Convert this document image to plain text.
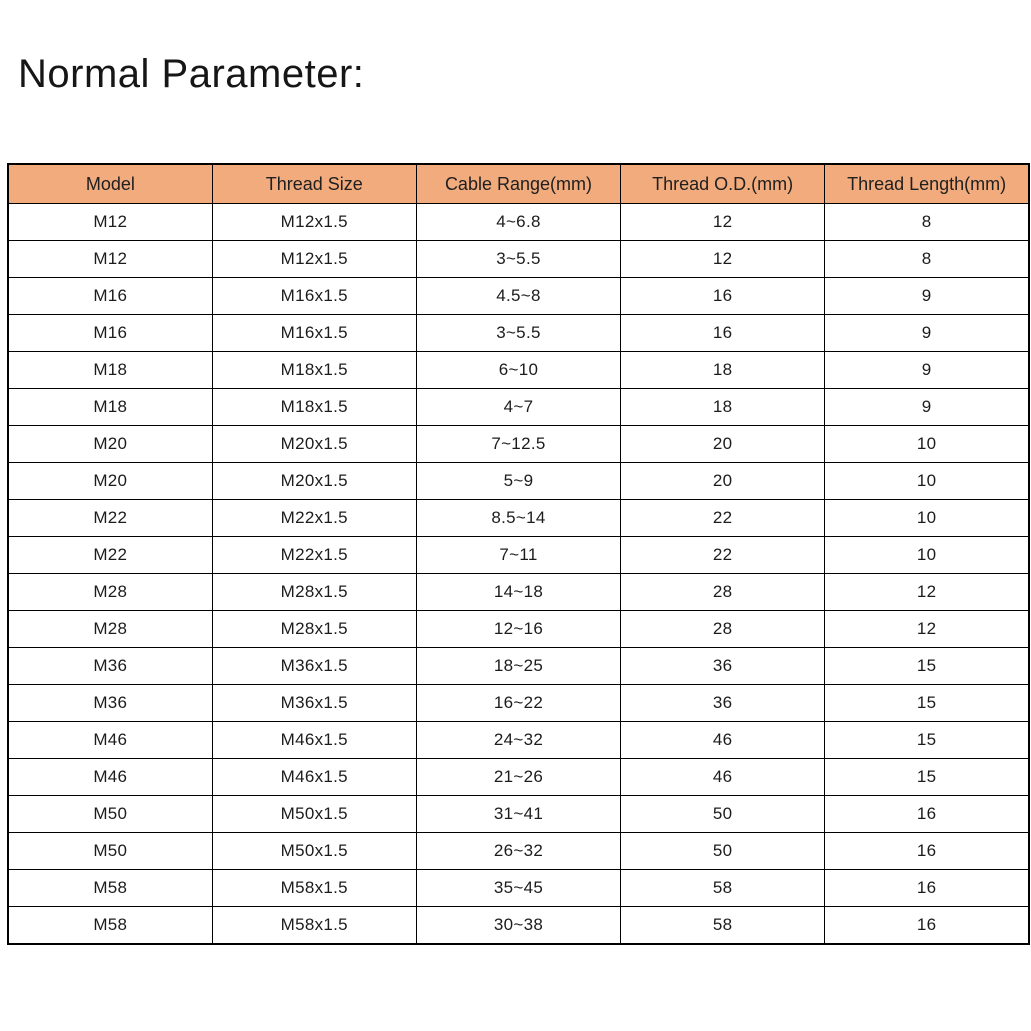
Normal Parameter:
Model	Thread Size	Cable Range(mm)	Thread O.D.(mm)	Thread Length(mm)
M12	M12x1.5	4~6.8	12	8
M12	M12x1.5	3~5.5	12	8
M16	M16x1.5	4.5~8	16	9
M16	M16x1.5	3~5.5	16	9
M18	M18x1.5	6~10	18	9
M18	M18x1.5	4~7	18	9
M20	M20x1.5	7~12.5	20	10
M20	M20x1.5	5~9	20	10
M22	M22x1.5	8.5~14	22	10
M22	M22x1.5	7~11	22	10
M28	M28x1.5	14~18	28	12
M28	M28x1.5	12~16	28	12
M36	M36x1.5	18~25	36	15
M36	M36x1.5	16~22	36	15
M46	M46x1.5	24~32	46	15
M46	M46x1.5	21~26	46	15
M50	M50x1.5	31~41	50	16
M50	M50x1.5	26~32	50	16
M58	M58x1.5	35~45	58	16
M58	M58x1.5	30~38	58	16
